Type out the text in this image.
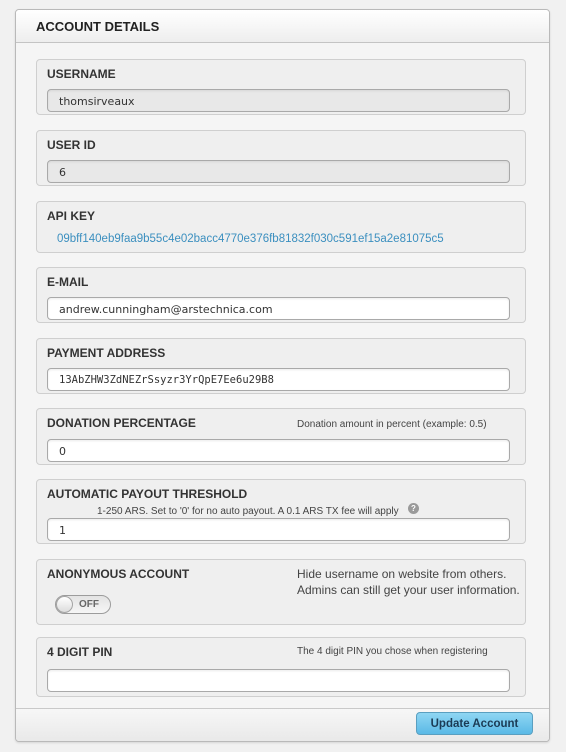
ACCOUNT DETAILS
USERNAME
thomsirveaux
USER ID
6
API KEY
09bff140eb9faa9b55c4e02bacc4770e376fb81832f030c591ef15a2e81075c5
E-MAIL
andrew.cunningham@arstechnica.com
PAYMENT ADDRESS
13AbZHW3ZdNEZrSsyzr3YrQpE7Ee6u29B8
DONATION PERCENTAGE	Donation amount in percent (example: 0.5)
0
AUTOMATIC PAYOUT THRESHOLD
1-250 ARS. Set to '0' for no auto payout. A 0.1 ARS TX fee will apply	?
1
ANONYMOUS ACCOUNT	Hide username on website from others.
Admins can still get your user information.
OFF
4 DIGIT PIN	The 4 digit PIN you chose when registering
Update Account
